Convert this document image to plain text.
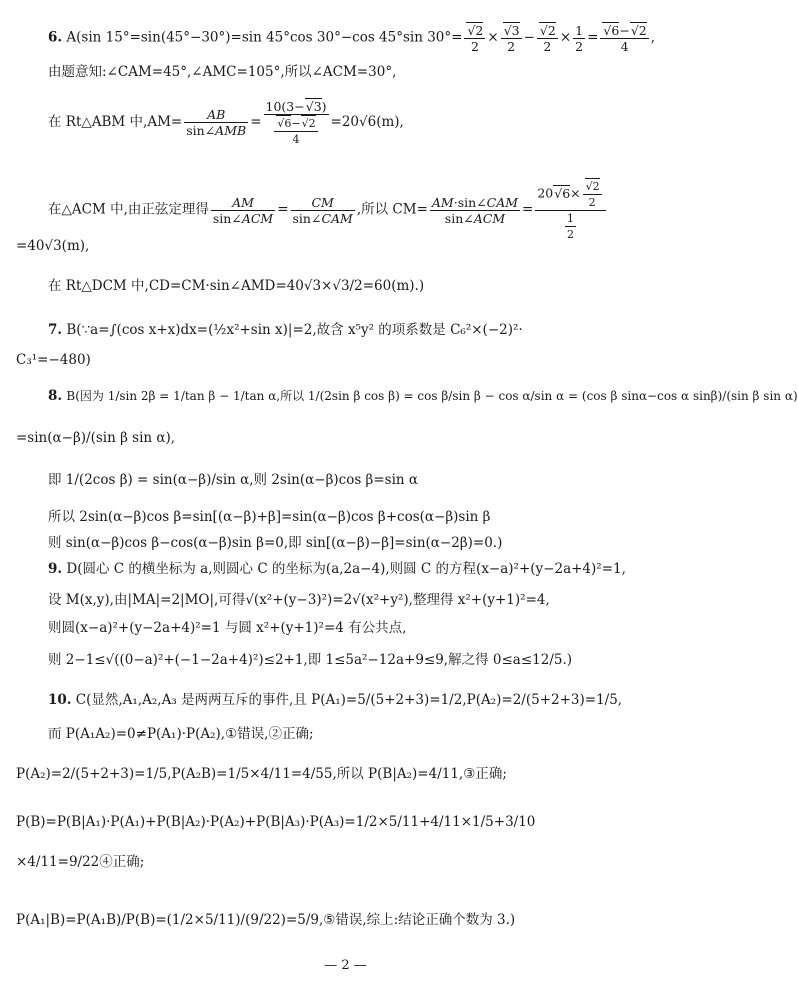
6. A(sin 15°=sin(45°−30°)=sin 45°cos 30°−cos 45°sin 30°=
√ $\frac{2}{2}$ ×
√ $\frac{3}{2}$ −
√ $\frac{2}{2} \times \frac{1}{2}$ =
√ $\frac{6-√ 2}{4}$ ,
由题意知:∠CAM=45°,∠AMC=105°,所以∠ACM=30°,
在 Rt△ABM 中$,AM= \frac{AB}{\text{sin∠AMB}} = 10(3-√$ 3)
√ $\frac{6-√ 2}{4} =20√6(m)$,
在△ACM 中,由正弦定理得 $\frac{AM}{\text{sin∠ACM}} = \frac{CM}{\text{sin∠CAM}}$ ,所以 $CM= \frac{\text{AM·sin∠CAM}}{\text{sin∠ACM}} = 20√$ 6×
√ $\frac{2}{2}$
$\frac{1}{2}$
=40√3(m),
在 Rt△DCM 中,CD=CM·sin∠AMD=40√3×√3/2=60(m).)
7. B(∵a=∫(cos x+x)dx=(½x²+sin x)|=2,故含 x⁵y² 的项系数是 C₆²×(−2)²·
C₃¹=−480)
8. B(因为 1/sin 2β = 1/tan β − 1/tan α,所以 1/(2sin β cos β) = cos β/sin β − cos α/sin α = (cos β sinα−cos α sinβ)/(sin β sin α)
=sin(α−β)/(sin β sin α),
即 1/(2cos β) = sin(α−β)/sin α,则 2sin(α−β)cos β=sin α
所以 2sin(α−β)cos β=sin[(α−β)+β]=sin(α−β)cos β+cos(α−β)sin β
则 sin(α−β)cos β−cos(α−β)sin β=0,即 sin[(α−β)−β]=sin(α−2β)=0.)
9. D(圆心 C 的横坐标为 a,则圆心 C 的坐标为(a,2a−4),则圆 C 的方程(x−a)²+(y−2a+4)²=1,
设 M(x,y),由|MA|=2|MO|,可得√(x²+(y−3)²)=2√(x²+y²),整理得 x²+(y+1)²=4,
则圆(x−a)²+(y−2a+4)²=1 与圆 x²+(y+1)²=4 有公共点,
则 2−1≤√((0−a)²+(−1−2a+4)²)≤2+1,即 1≤5a²−12a+9≤9,解之得 0≤a≤12/5.)
10. C(显然,A₁,A₂,A₃ 是两两互斥的事件,且 P(A₁)=5/(5+2+3)=1/2,P(A₂)=2/(5+2+3)=1/5,
而 P(A₁A₂)=0≠P(A₁)·P(A₂),①错误,②正确;
P(A₂)=2/(5+2+3)=1/5,P(A₂B)=1/5×4/11=4/55,所以 P(B|A₂)=4/11,③正确;
P(B)=P(B|A₁)·P(A₁)+P(B|A₂)·P(A₂)+P(B|A₃)·P(A₃)=1/2×5/11+4/11×1/5+3/10
×4/11=9/22④正确;
P(A₁|B)=P(A₁B)/P(B)=(1/2×5/11)/(9/22)=5/9,⑤错误,综上:结论正确个数为 3.)
— 2 —
